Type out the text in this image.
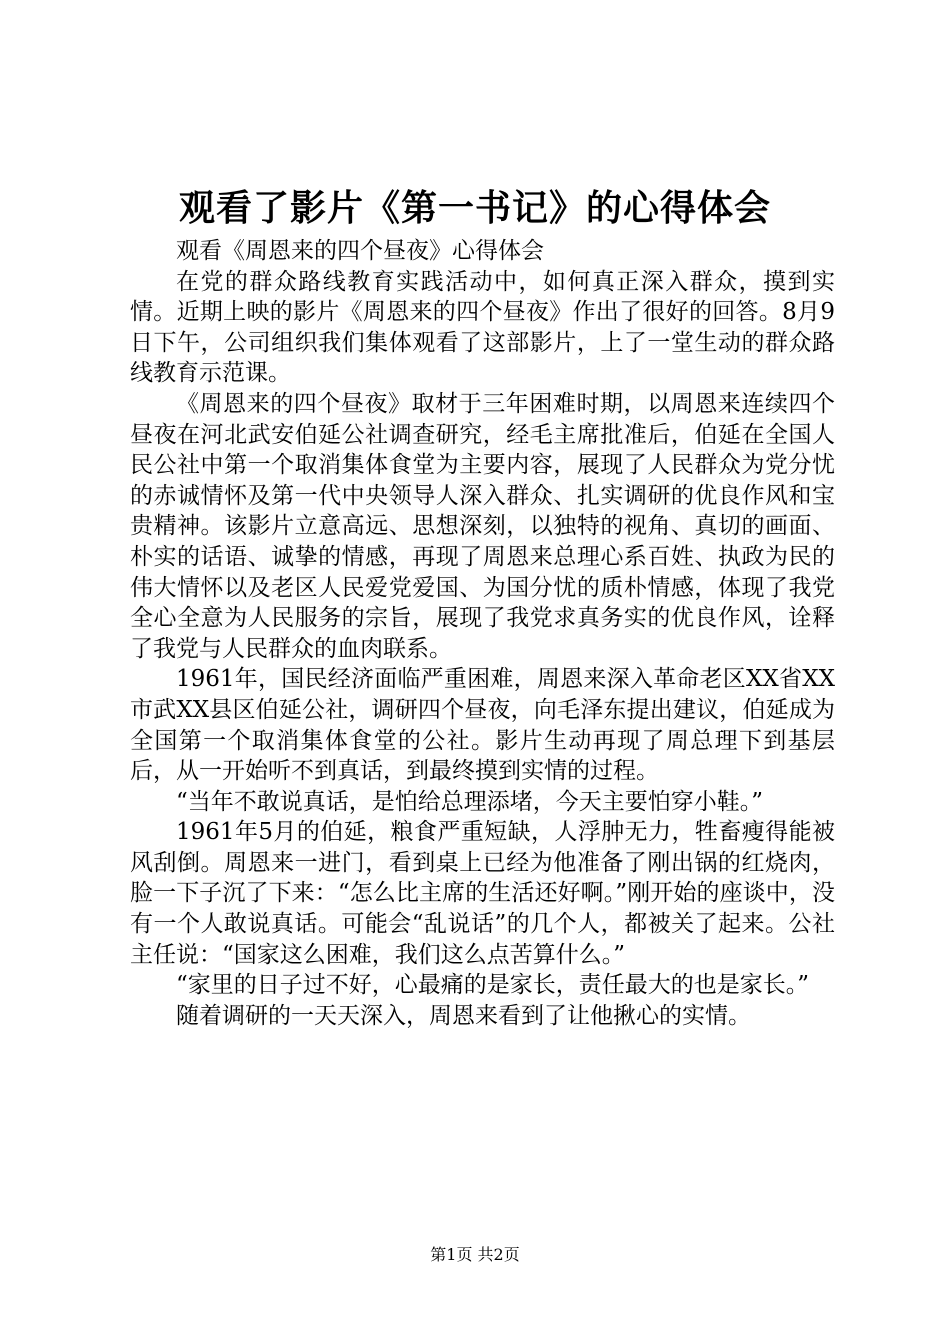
观看了影片《第一书记》的心得体会

观看《周恩来的四个昼夜》心得体会

在党的群众路线教育实践活动中，如何真正深入群众，摸到实情。近期上映的影片《周恩来的四个昼夜》作出了很好的回答。8月9日下午，公司组织我们集体观看了这部影片，上了一堂生动的群众路线教育示范课。

《周恩来的四个昼夜》取材于三年困难时期，以周恩来连续四个昼夜在河北武安伯延公社调查研究，经毛主席批准后，伯延在全国人民公社中第一个取消集体食堂为主要内容，展现了人民群众为党分忧的赤诚情怀及第一代中央领导人深入群众、扎实调研的优良作风和宝贵精神。该影片立意高远、思想深刻，以独特的视角、真切的画面、朴实的话语、诚挚的情感，再现了周恩来总理心系百姓、执政为民的伟大情怀以及老区人民爱党爱国、为国分忧的质朴情感，体现了我党全心全意为人民服务的宗旨，展现了我党求真务实的优良作风，诠释了我党与人民群众的血肉联系。

1961年，国民经济面临严重困难，周恩来深入革命老区XX省XX市武XX县区伯延公社，调研四个昼夜，向毛泽东提出建议，伯延成为全国第一个取消集体食堂的公社。影片生动再现了周总理下到基层后，从一开始听不到真话，到最终摸到实情的过程。

“当年不敢说真话，是怕给总理添堵，今天主要怕穿小鞋。”

1961年5月的伯延，粮食严重短缺，人浮肿无力，牲畜瘦得能被风刮倒。周恩来一进门，看到桌上已经为他准备了刚出锅的红烧肉，脸一下子沉了下来：“怎么比主席的生活还好啊。”刚开始的座谈中，没有一个人敢说真话。可能会“乱说话”的几个人，都被关了起来。公社主任说：“国家这么困难，我们这么点苦算什么。”

“家里的日子过不好，心最痛的是家长，责任最大的也是家长。”

随着调研的一天天深入，周恩来看到了让他揪心的实情。

第1页 共2页
